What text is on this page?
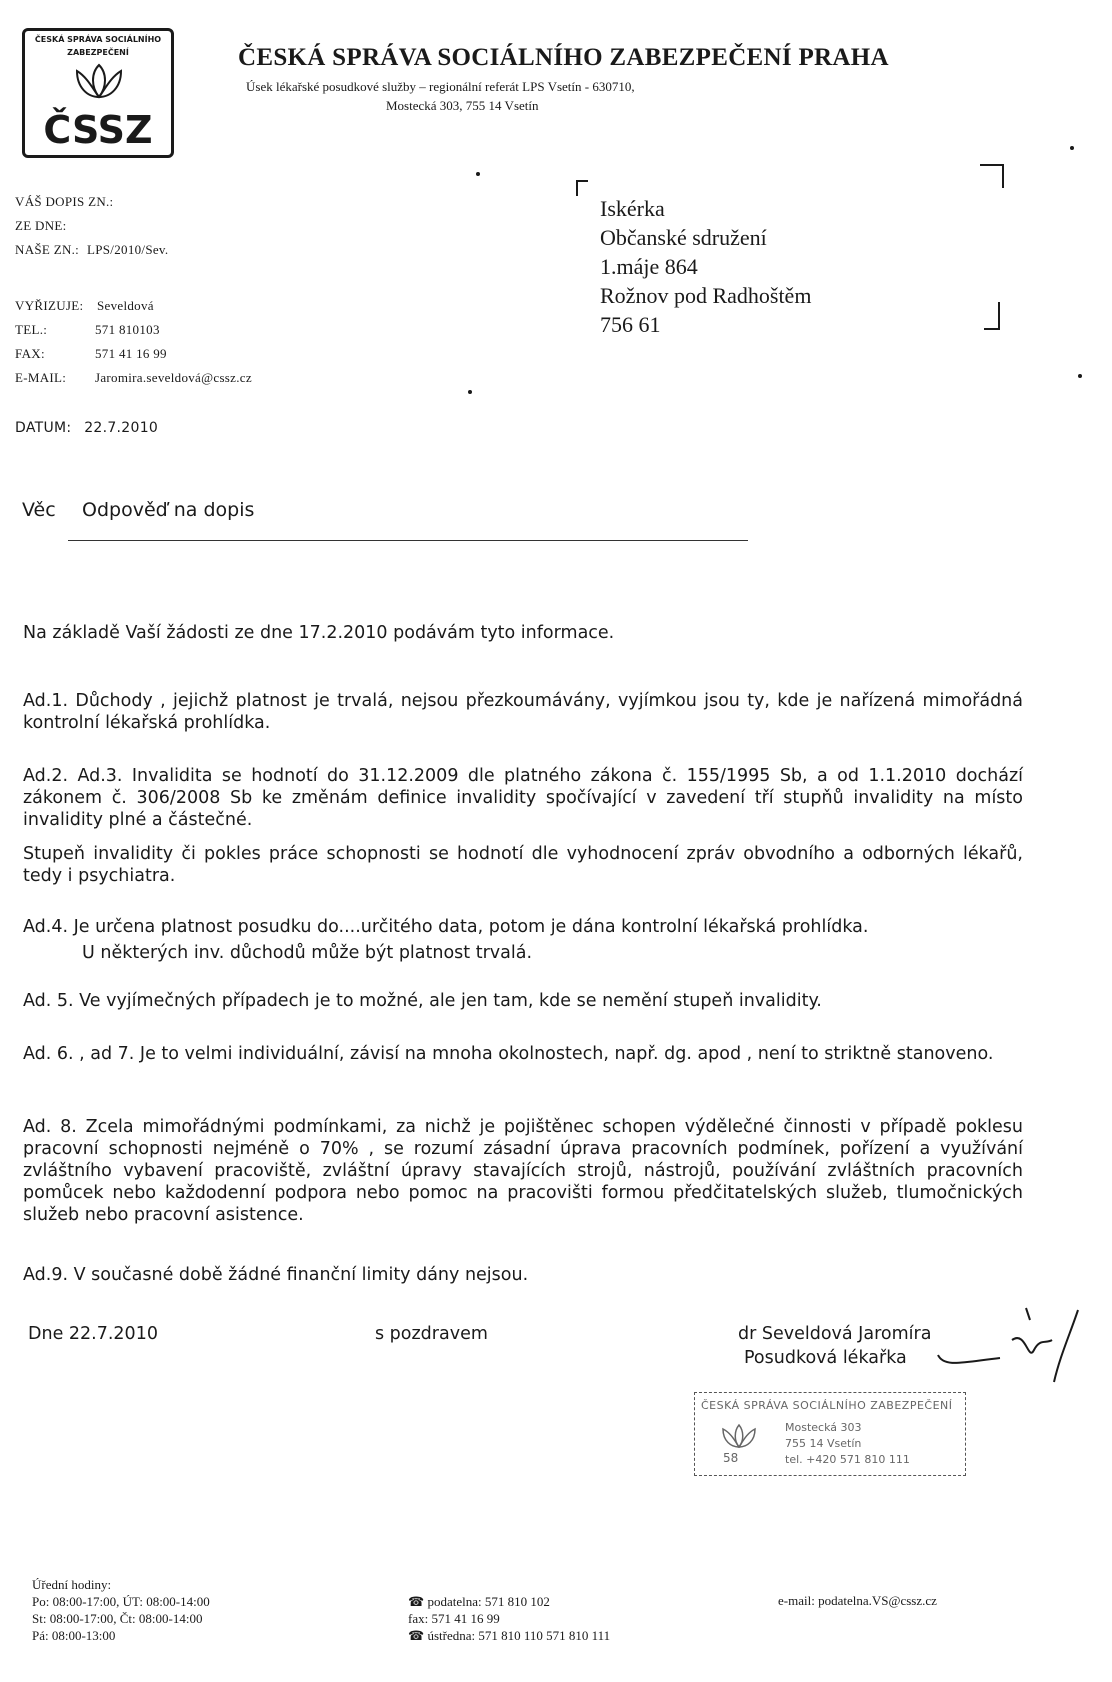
ČESKÁ SPRÁVA SOCIÁLNÍHO
ZABEZPEČENÍ
ČSSZ
ČESKÁ SPRÁVA SOCIÁLNÍHO ZABEZPEČENÍ PRAHA
Úsek lékařské posudkové služby – regionální referát LPS Vsetín - 630710,
Mostecká 303, 755 14 Vsetín
VÁŠ DOPIS ZN.:
ZE DNE:
NAŠE ZN.: LPS/2010/Sev.
VYŘIZUJE: Seveldová
TEL.:	571 810103
FAX:	571 41 16 99
E-MAIL: Jaromira.seveldová@cssz.cz
DATUM: 22.7.2010
Iskérka
Občanské sdružení
1.máje 864
Rožnov pod Radhoštěm
756 61
Věc Odpověď na dopis
Na základě Vaší žádosti ze dne 17.2.2010 podávám tyto informace.
Ad.1. Důchody , jejichž platnost je trvalá, nejsou přezkoumávány, vyjímkou jsou ty, kde je nařízená mimořádná kontrolní lékařská prohlídka.
Ad.2. Ad.3. Invalidita se hodnotí do 31.12.2009 dle platného zákona č. 155/1995 Sb, a od 1.1.2010 dochází zákonem č. 306/2008 Sb ke změnám definice invalidity spočívající v zavedení tří stupňů invalidity na místo invalidity plné a částečné.
Stupeň invalidity či pokles práce schopnosti se hodnotí dle vyhodnocení zpráv obvodního a odborných lékařů, tedy i psychiatra.
Ad.4. Je určena platnost posudku do....určitého data, potom je dána kontrolní lékařská prohlídka.
U některých inv. důchodů může být platnost trvalá.
Ad. 5. Ve vyjímečných případech je to možné, ale jen tam, kde se nemění stupeň invalidity.
Ad. 6. , ad 7. Je to velmi individuální, závisí na mnoha okolnostech, např. dg. apod , není to striktně stanoveno.
Ad. 8. Zcela mimořádnými podmínkami, za nichž je pojištěnec schopen výdělečné činnosti v případě poklesu pracovní schopnosti nejméně o 70% , se rozumí zásadní úprava pracovních podmínek, pořízení a využívání zvláštního vybavení pracoviště, zvláštní úpravy stavajících strojů, nástrojů, používání zvláštních pracovních pomůcek nebo každodenní podpora nebo pomoc na pracovišti formou předčitatelských služeb, tlumočnických služeb nebo pracovní asistence.
Ad.9. V současné době žádné finanční limity dány nejsou.
Dne 22.7.2010	s pozdravem	dr Seveldová Jaromíra
Posudková lékařka
ČESKÁ SPRÁVA SOCIÁLNÍHO ZABEZPEČENÍ
58
Mostecká 303
755 14 Vsetín
tel. +420 571 810 111
Úřední hodiny:
Po: 08:00-17:00, ÚT: 08:00-14:00
St: 08:00-17:00, Čt: 08:00-14:00
Pá: 08:00-13:00
☎ podatelna: 571 810 102
fax: 571 41 16 99
☎ ústředna: 571 810 110 571 810 111
e-mail: podatelna.VS@cssz.cz
